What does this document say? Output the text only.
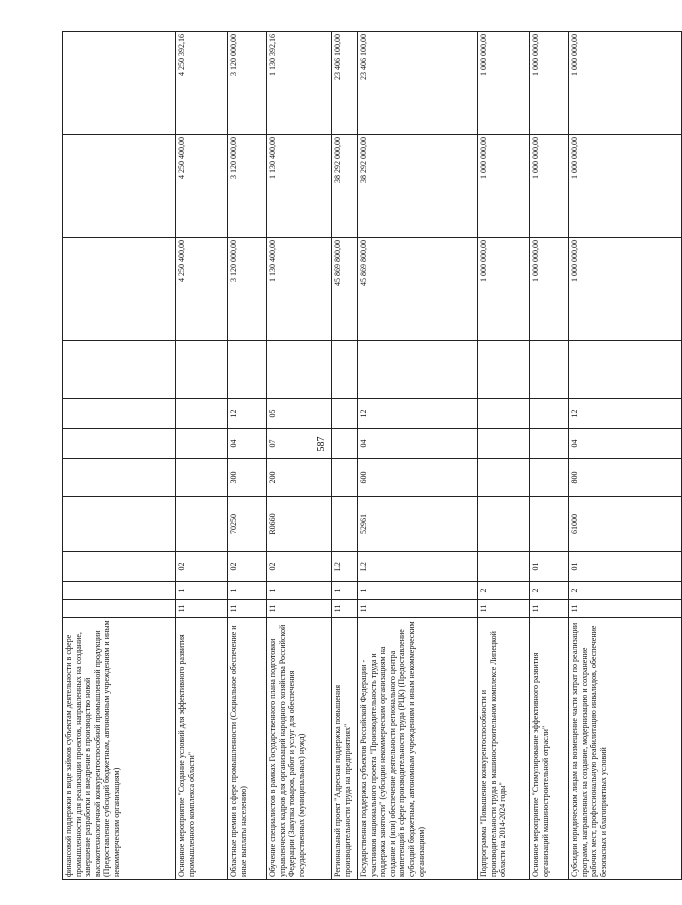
587
финансовой поддержки в виде займов субъектам деятельности в сфере промышленности для реализации проектов, направленных на создание, завершение разработки и внедрение в производство новой высокотехнологичной конкурентоспособной промышленной продукции (Предоставление субсидий бюджетным, автономным учреждениям и иным некоммерческим организациям)											
Основное мероприятие "Создание условий для эффективного развития промышленного комплекса области"	11	1	02						4 250 400,00	4 250 400,00	4 250 392,16
Областные премии в сфере промышленности (Социальное обеспечение и иные выплаты населению)	11	1	02	70250	300	04	12		3 120 000,00	3 120 000,00	3 120 000,00
Обучение специалистов в рамках Государственного плана подготовки управленческих кадров для организаций народного хозяйства Российской Федерации (Закупка товаров, работ и услуг для обеспечения государственных (муниципальных) нужд)	11	1	02	R0660	200	07	05		1 130 400,00	1 130 400,00	1 130 392,16
Региональный проект "Адресная поддержка повышения производительности труда на предприятиях"	11	1	L2						45 869 800,00	38 292 000,00	23 406 100,00
Государственная поддержка субъектов Российской Федерации - участников национального проекта "Производительность труда и поддержка занятости" (субсидии некоммерческим организациям на создание и (или) обеспечение деятельности регионального центра компетенций в сфере производительности труда (РЦК) (Предоставление субсидий бюджетным, автономным учреждениям и иным некоммерческим организациям)	11	1	L2	52961	600	04	12		45 869 800,00	38 292 000,00	23 406 100,00
Подпрограмма "Повышение конкурентоспособности и производительности труда в машиностроительном комплексе Липецкой области на 2014-2024 годы"	11	2							1 000 000,00	1 000 000,00	1 000 000,00
Основное мероприятие "Стимулирование эффективного развития организаций машиностроительной отрасли"	11	2	01						1 000 000,00	1 000 000,00	1 000 000,00
Субсидии юридическим лицам на возмещение части затрат по реализации программ, направленных на создание, модернизацию и сохранение рабочих мест, профессиональную реабилитацию инвалидов, обеспечение безопасных и благоприятных условий	11	2	01	61000	800	04	12		1 000 000,00	1 000 000,00	1 000 000,00
